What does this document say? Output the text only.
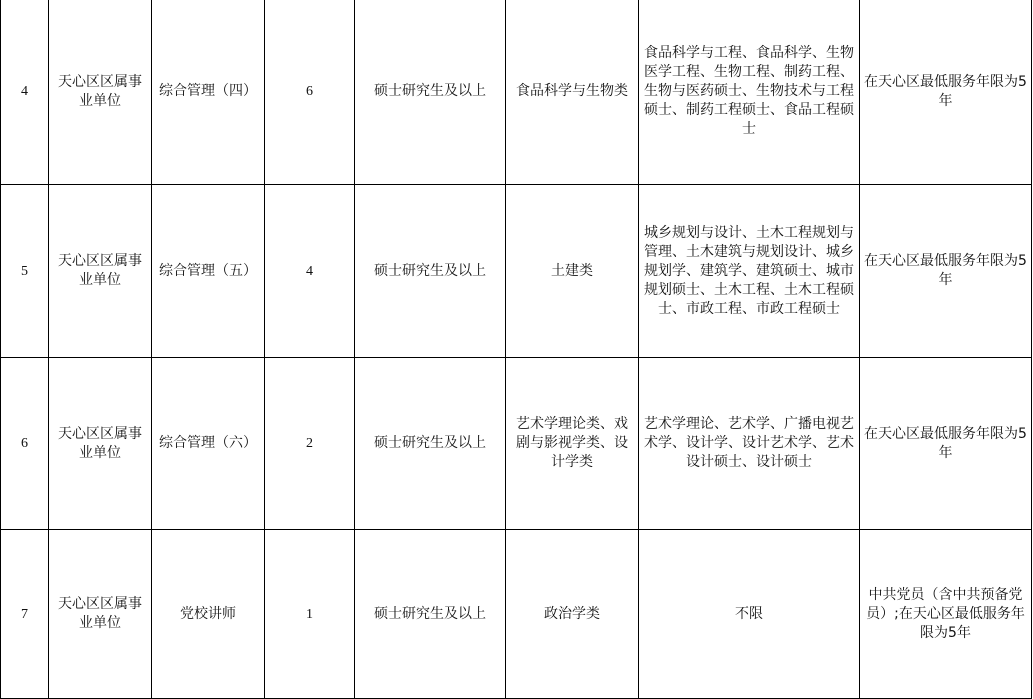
4	天心区区属事业单位	综合管理（四）	6	硕士研究生及以上	食品科学与生物类	食品科学与工程、食品科学、生物医学工程、生物工程、制药工程、生物与医药硕士、生物技术与工程硕士、制药工程硕士、食品工程硕士	在天心区最低服务年限为5年
5	天心区区属事业单位	综合管理（五）	4	硕士研究生及以上	土建类	城乡规划与设计、土木工程规划与管理、土木建筑与规划设计、城乡规划学、建筑学、建筑硕士、城市规划硕士、土木工程、土木工程硕士、市政工程、市政工程硕士	在天心区最低服务年限为5年
6	天心区区属事业单位	综合管理（六）	2	硕士研究生及以上	艺术学理论类、戏剧与影视学类、设计学类	艺术学理论、艺术学、广播电视艺术学、设计学、设计艺术学、艺术设计硕士、设计硕士	在天心区最低服务年限为5年
7	天心区区属事业单位	党校讲师	1	硕士研究生及以上	政治学类	不限	中共党员（含中共预备党员）;在天心区最低服务年限为5年
